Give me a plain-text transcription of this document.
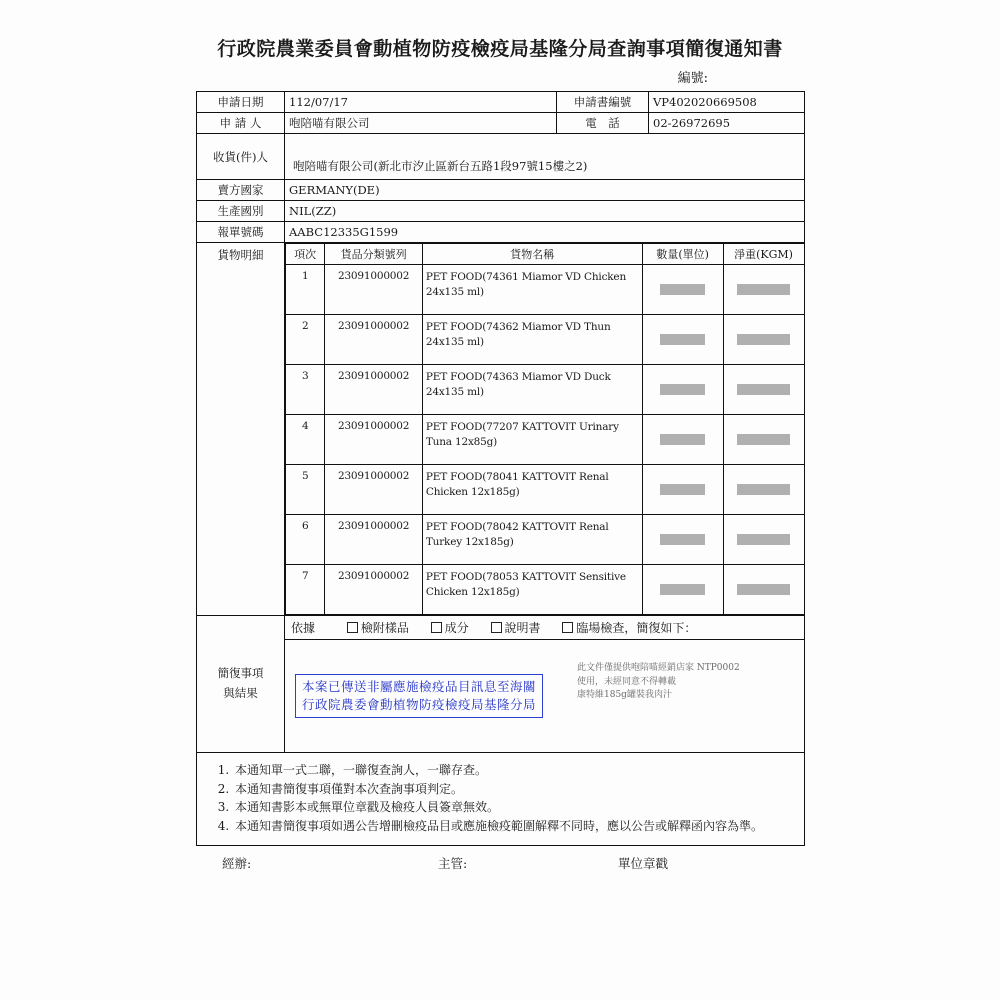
行政院農業委員會動植物防疫檢疫局基隆分局查詢事項簡復通知書
編號:
申請日期	112/07/17	申請書編號	VP402020669508
申 請 人	咆陪喵有限公司	電　話	02-26972695
收貨(件)人	咆陪喵有限公司(新北市汐止區新台五路1段97號15樓之2)
賣方國家	GERMANY(DE)
生產國別	NIL(ZZ)
報單號碼	AABC12335G1599
貨物明細		項次	貨品分類號列	貨物名稱	數量(單位)	淨重(KGM)
1	23091000002	PET FOOD(74361 Miamor VD Chicken 24x135 ml)	

2	23091000002	PET FOOD(74362 Miamor VD Thun 24x135 ml)	

3	23091000002	PET FOOD(74363 Miamor VD Duck 24x135 ml)	

4	23091000002	PET FOOD(77207 KATTOVIT Urinary Tuna 12x85g)	

5	23091000002	PET FOOD(78041 KATTOVIT Renal Chicken 12x185g)	

6	23091000002	PET FOOD(78042 KATTOVIT Renal Turkey 12x185g)	

7	23091000002	PET FOOD(78053 KATTOVIT Sensitive Chicken 12x185g)	

簡復事項
與結果

依據	檢附樣品	成分	說明書	臨場檢查，簡復如下：
本案已傳送非屬應施檢疫品目訊息至海關
行政院農委會動植物防疫檢疫局基隆分局
此文件僅提供咆陪喵經銷店家 NTP0002
使用，未經同意不得轉載
康特維185g罐裝我肉汁

1. 本通知單一式二聯，一聯復查詢人，一聯存查。
2. 本通知書簡復事項僅對本次查詢事項判定。
3. 本通知書影本或無單位章戳及檢疫人員簽章無效。
4. 本通知書簡復事項如遇公告增刪檢疫品目或應施檢疫範圍解釋不同時，應以公告或解釋函內容為準。
經辦:	主管:	單位章戳
